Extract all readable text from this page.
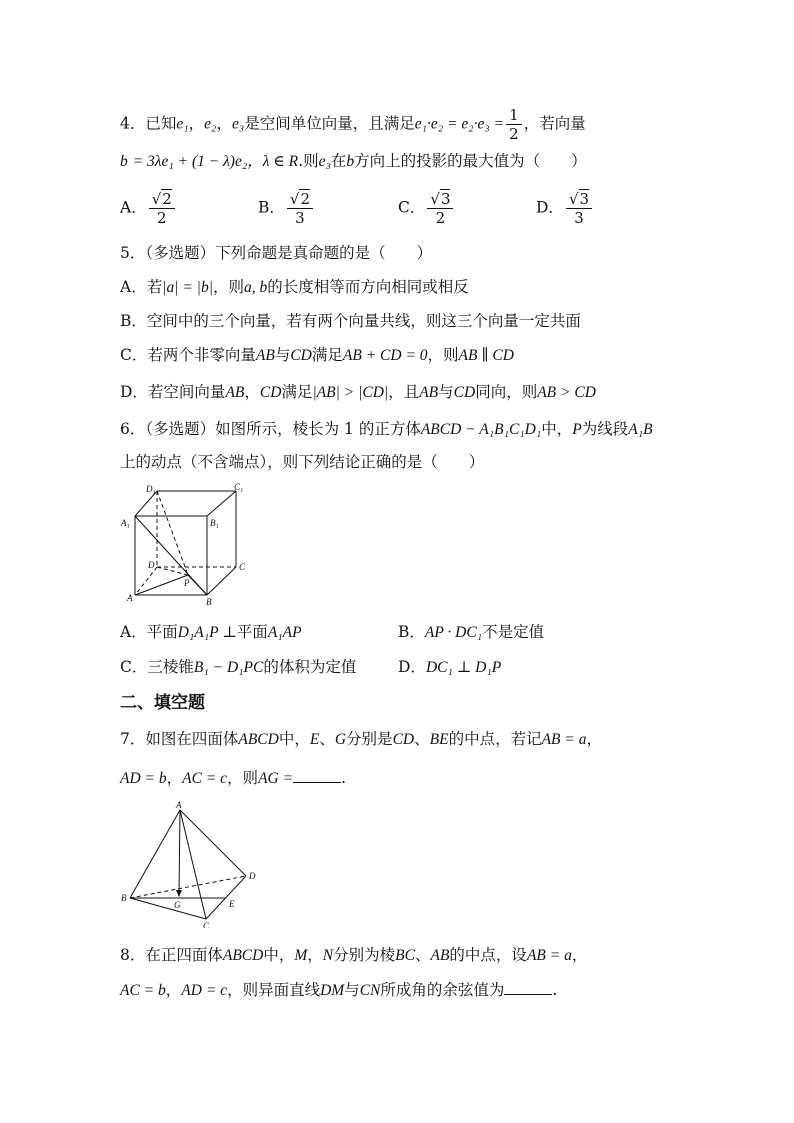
4．已知e₁，e₂，e₃是空间单位向量，且满足$e_1\cdot e_2 = e_2\cdot e_3 = \frac{1}{2}$ ，若向量
b = 3λe₁ + (1 − λ)e₂，λ ∈ R.则e₃在b方向上的投影的最大值为（　　）
A． $\frac{√2}{2}$	B． $\frac{√2}{3}$	C． $\frac{√3}{2}$	D． $\frac{√3}{3}$
5．（多选题）下列命题是真命题的是（　　）
A．若|a| = |b|，则a, b的长度相等而方向相同或相反
B．空间中的三个向量，若有两个向量共线，则这三个向量一定共面
C．若两个非零向量AB与CD满足AB + CD = 0，则AB ∥ CD
D．若空间向量AB，CD满足|AB| > |CD|，且AB与CD同向，则AB > CD
6．（多选题）如图所示，棱长为 1 的正方体ABCD − A₁B₁C₁D₁中，P为线段A₁B
上的动点（不含端点），则下列结论正确的是（　　）
D₁	C₁
A₁	B₁
D	C
A	B
P
A．平面D₁A₁P ⊥平面A₁AP	B．AP · DC₁不是定值
C．三棱锥B₁ − D₁PC的体积为定值	D．DC₁ ⊥ D₁P
二、填空题
7．如图在四面体ABCD中，E、G分别是CD、BE的中点，若记AB = a，
AD = b，AC = c，则AG =	.
A
B
C
D
E
G
8．在正四面体ABCD中，M，N分别为棱BC、AB的中点，设AB = a，
AC = b，AD = c，则异面直线DM与CN所成角的余弦值为	.
